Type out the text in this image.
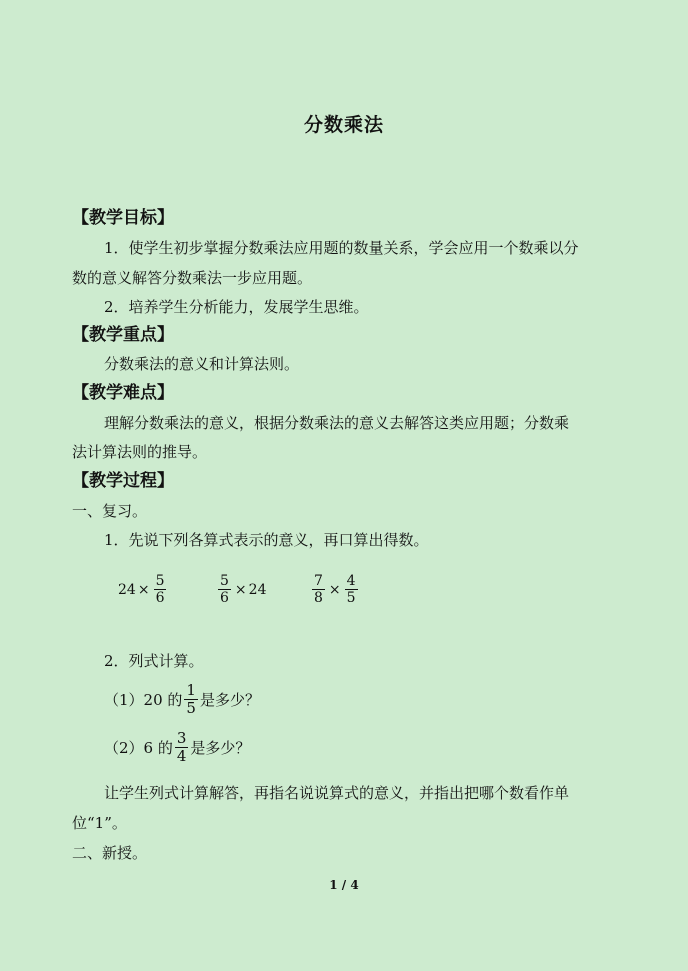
分数乘法
【教学目标】
1．使学生初步掌握分数乘法应用题的数量关系，学会应用一个数乘以分
数的意义解答分数乘法一步应用题。
2．培养学生分析能力，发展学生思维。
【教学重点】
分数乘法的意义和计算法则。
【教学难点】
理解分数乘法的意义，根据分数乘法的意义去解答这类应用题；分数乘
法计算法则的推导。
【教学过程】
一、复习。
1．先说下列各算式表示的意义，再口算出得数。
$24 \times \frac{5}{6}$	$\frac{5}{6} \times 24$	$\frac{7}{8} \times \frac{4}{5}$
2．列式计算。
（1）20 的 $\frac{1}{5}$ 是多少？
（2）6 的 $\frac{3}{4}$ 是多少？
让学生列式计算解答，再指名说说算式的意义，并指出把哪个数看作单
位“1”。
二、新授。
1 / 4
